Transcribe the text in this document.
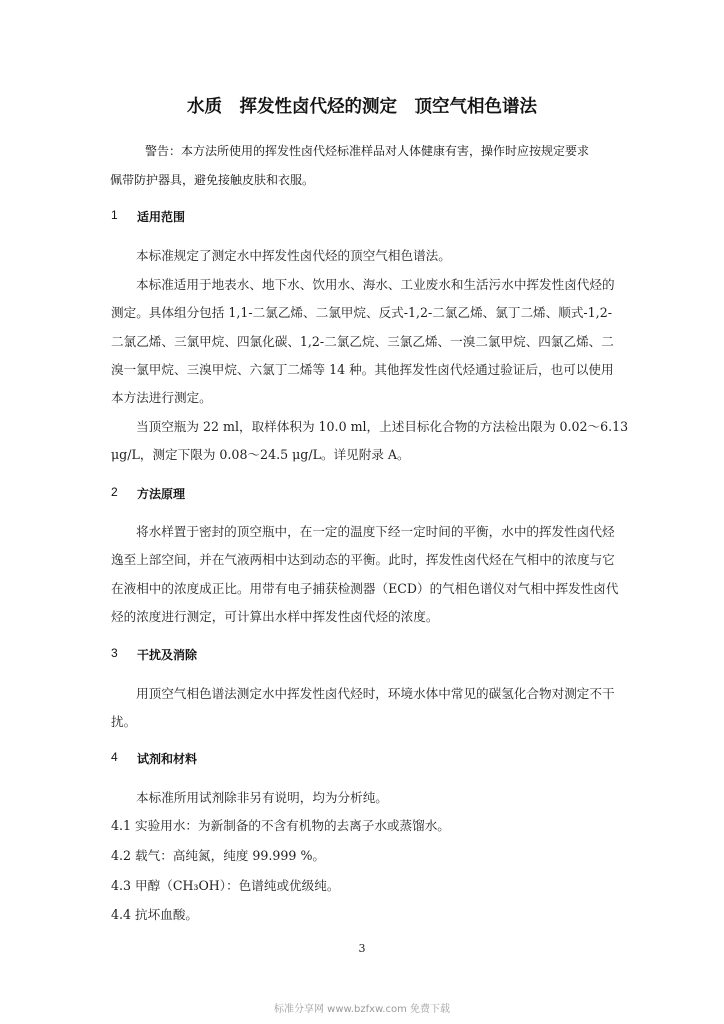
水质　挥发性卤代烃的测定　顶空气相色谱法
警告：本方法所使用的挥发性卤代烃标准样品对人体健康有害，操作时应按规定要求
佩带防护器具，避免接触皮肤和衣服。
1 适用范围
本标准规定了测定水中挥发性卤代烃的顶空气相色谱法。
本标准适用于地表水、地下水、饮用水、海水、工业废水和生活污水中挥发性卤代烃的
测定。具体组分包括 1,1-二氯乙烯、二氯甲烷、反式-1,2-二氯乙烯、氯丁二烯、顺式-1,2-
二氯乙烯、三氯甲烷、四氯化碳、1,2-二氯乙烷、三氯乙烯、一溴二氯甲烷、四氯乙烯、二
溴一氯甲烷、三溴甲烷、六氯丁二烯等 14 种。其他挥发性卤代烃通过验证后，也可以使用
本方法进行测定。
当顶空瓶为 22 ml，取样体积为 10.0 ml，上述目标化合物的方法检出限为 0.02～6.13
μg/L，测定下限为 0.08～24.5 μg/L。详见附录 A。
2 方法原理
将水样置于密封的顶空瓶中，在一定的温度下经一定时间的平衡，水中的挥发性卤代烃
逸至上部空间，并在气液两相中达到动态的平衡。此时，挥发性卤代烃在气相中的浓度与它
在液相中的浓度成正比。用带有电子捕获检测器（ECD）的气相色谱仪对气相中挥发性卤代
烃的浓度进行测定，可计算出水样中挥发性卤代烃的浓度。
3 干扰及消除
用顶空气相色谱法测定水中挥发性卤代烃时，环境水体中常见的碳氢化合物对测定不干
扰。
4 试剂和材料
本标准所用试剂除非另有说明，均为分析纯。
4.1 实验用水：为新制备的不含有机物的去离子水或蒸馏水。
4.2 载气：高纯氮，纯度 99.999 %。
4.3 甲醇（CH₃OH）：色谱纯或优级纯。
4.4 抗坏血酸。
3
标准分享网 www.bzfxw.com 免费下载
